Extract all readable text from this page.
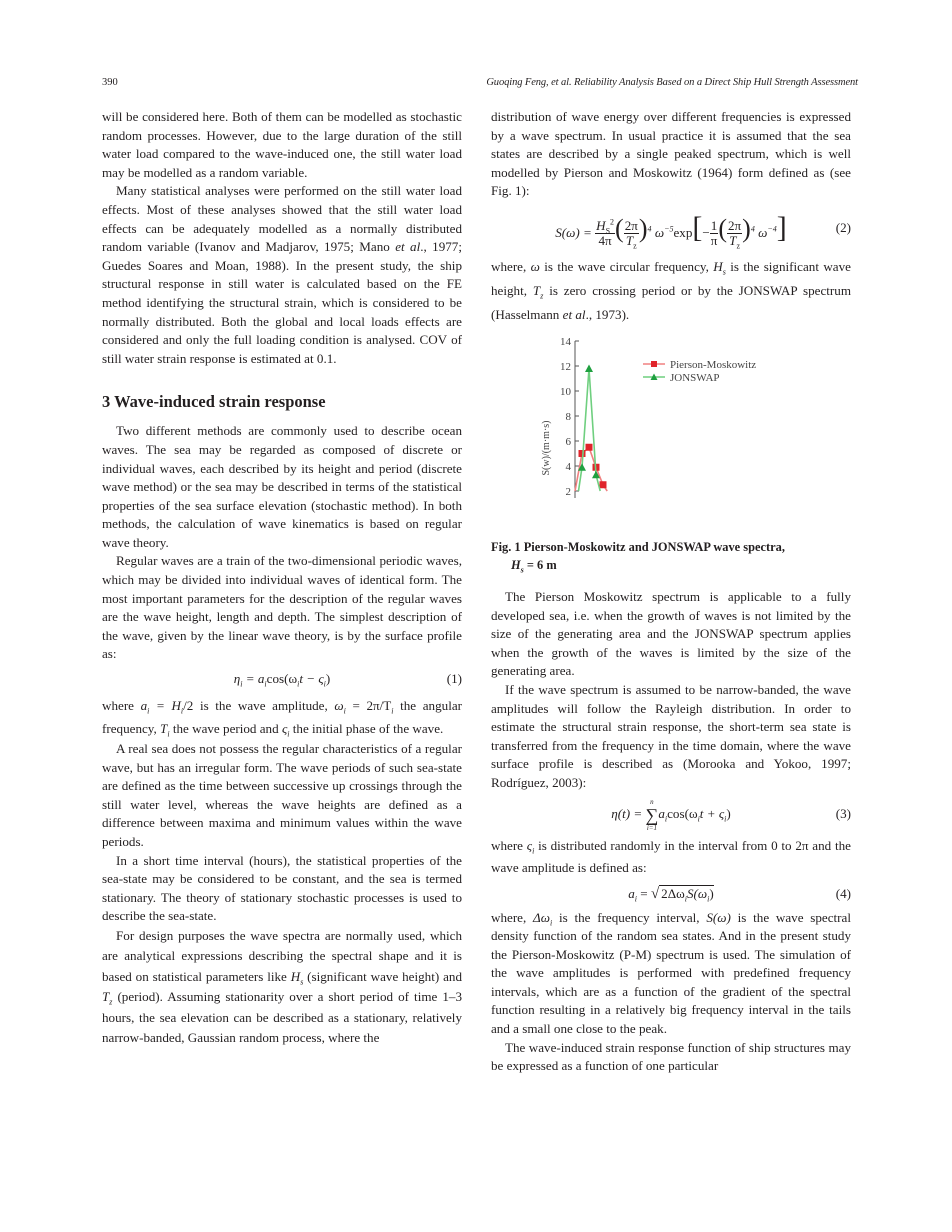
390	Guoqing Feng, et al. Reliability Analysis Based on a Direct Ship Hull Strength Assessment

will be considered here. Both of them can be modelled as stochastic random processes. However, due to the large duration of the still water load compared to the wave-induced one, the still water load may be modelled as a random variable.

Many statistical analyses were performed on the still water load effects. Most of these analyses showed that the still water load effects can be adequately modelled as a normally distributed random variable (Ivanov and Madjarov, 1975; Mano et al., 1977; Guedes Soares and Moan, 1988). In the present study, the ship structural response in still water is calculated based on the FE method identifying the structural strain, which is considered to be normally distributed. Both the global and local loads effects are considered and only the full loading condition is analysed. COV of still water strain response is estimated at 0.1.

3 Wave-induced strain response

Two different methods are commonly used to describe ocean waves. The sea may be regarded as composed of discrete or individual waves, each described by its height and period (discrete wave method) or the sea may be described in terms of the statistical properties of the sea surface elevation (stochastic method). In both methods, the calculation of wave kinematics is based on regular wave theory.

Regular waves are a train of the two-dimensional periodic waves, which may be divided into individual waves of identical form. The most important parameters for the description of the regular waves are the wave height, length and depth. The simplest description of the wave, given by the linear wave theory, is by the surface profile as:

$\eta_i = a_i\cos(\omega_it - \varsigma_i)$	(1)

where $a_i = H_i/2$ is the wave amplitude, $\omega_i = 2\pi/T_i$ the angular frequency, $T_i$ the wave period and $\varsigma_i$ the initial phase of the wave.

A real sea does not possess the regular characteristics of a regular wave, but has an irregular form. The wave periods of such sea-state are defined as the time between successive up crossings through the still water level, whereas the wave heights are defined as a difference between maxima and minimum values within the wave periods.

In a short time interval (hours), the statistical properties of the sea-state may be considered to be constant, and the sea is termed stationary. The theory of stationary stochastic processes is used to describe the sea-state.

For design purposes the wave spectra are normally used, which are analytical expressions describing the spectral shape and it is based on statistical parameters like $H_s$ (significant wave height) and $T_z$ (period). Assuming stationarity over a short period of time 1–3 hours, the sea elevation can be described as a stationary, relatively narrow-banded, Gaussian random process, where the

distribution of wave energy over different frequencies is expressed by a wave spectrum. In usual practice it is assumed that the sea states are described by a single peaked spectrum, which is well modelled by Pierson and Moskowitz (1964) form defined as (see Fig. 1):

$S(\omega) = \frac{H_S^2}{4\pi}$ ( $\frac{2\pi}{T_z} )^4$ $\omega^{-5}\exp[- \frac{1}{\pi}$ ( $\frac{2\pi}{T_z} )^4$ $\omega^{-4}$]	(2)

where, ω is the wave circular frequency, $H_s$ is the significant wave height, $T_z$ is zero crossing period or by the JONSWAP spectrum (Hasselmann et al., 1973).

2
4
6
8
10
12
14
S(w)/(m·m·s)
Pierson-Moskowitz
JONSWAP
Fig. 1 Pierson-Moskowitz and JONSWAP wave spectra,
$H_s = 6$ m

The Pierson Moskowitz spectrum is applicable to a fully developed sea, i.e. when the growth of waves is not limited by the size of the generating area and the JONSWAP spectrum applies when the growth of the waves is limited by the size of the generating area.

If the wave spectrum is assumed to be narrow-banded, the wave amplitudes will follow the Rayleigh distribution. In order to estimate the structural strain response, the short-term sea state is transferred from the frequency in the time domain, where the wave surface profile is described as (Morooka and Yokoo, 1997; Rodríguez, 2003):

η(t) =
n
∑
i=1
$a_i\cos(\omega_it + \varsigma_i)$	(3)

where $\varsigma_i$ is distributed randomly in the interval from 0 to 2π and the wave amplitude is defined as:

$a_i$ = √ $2\Delta\omega_iS(\omega_i)$	(4)

where, $\Delta\omega_i$ is the frequency interval, S(ω) is the wave spectral density function of the random sea states. And in the present study the Pierson-Moskowitz (P-M) spectrum is used. The simulation of the wave amplitudes is performed with predefined frequency intervals, which are as a function of the gradient of the spectral function resulting in a relatively big frequency interval in the tails and a small one close to the peak.

The wave-induced strain response function of ship structures may be expressed as a function of one particular
